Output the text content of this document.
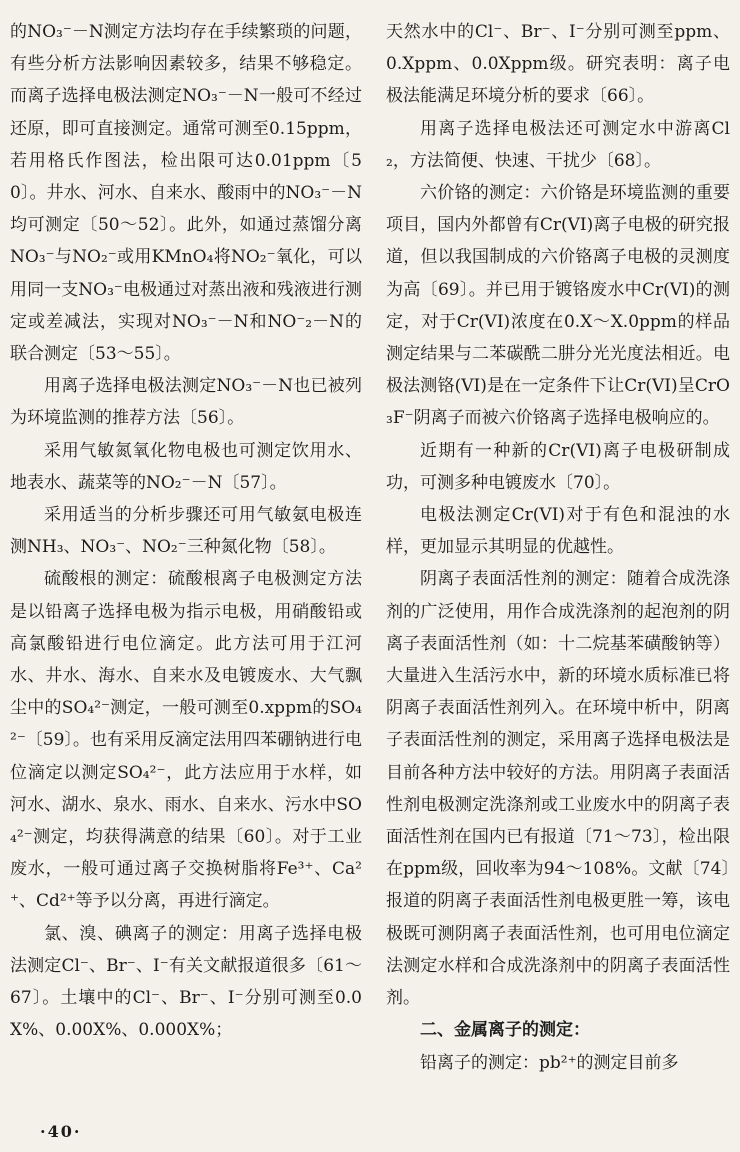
的NO₃⁻－N测定方法均存在手续繁琐的问题，有些分析方法影响因素较多，结果不够稳定。而离子选择电极法测定NO₃⁻－N一般可不经过还原，即可直接测定。通常可测至0.15ppm，若用格氏作图法，检出限可达0.01ppm〔50〕。井水、河水、自来水、酸雨中的NO₃⁻－N均可测定〔50～52〕。此外，如通过蒸馏分离NO₃⁻与NO₂⁻或用KMnO₄将NO₂⁻氧化，可以用同一支NO₃⁻电极通过对蒸出液和残液进行测定或差减法，实现对NO₃⁻－N和NO⁻₂－N的联合测定〔53～55〕。

用离子选择电极法测定NO₃⁻－N也已被列为环境监测的推荐方法〔56〕。

采用气敏氮氧化物电极也可测定饮用水、地表水、蔬菜等的NO₂⁻－N〔57〕。

采用适当的分析步骤还可用气敏氨电极连测NH₃、NO₃⁻、NO₂⁻三种氮化物〔58〕。

硫酸根的测定：硫酸根离子电极测定方法是以铅离子选择电极为指示电极，用硝酸铅或高氯酸铅进行电位滴定。此方法可用于江河水、井水、海水、自来水及电镀废水、大气飘尘中的SO₄²⁻测定，一般可测至0.xppm的SO₄²⁻〔59〕。也有采用反滴定法用四苯硼钠进行电位滴定以测定SO₄²⁻，此方法应用于水样，如河水、湖水、泉水、雨水、自来水、污水中SO₄²⁻测定，均获得满意的结果〔60〕。对于工业废水，一般可通过离子交换树脂将Fe³⁺、Ca²⁺、Cd²⁺等予以分离，再进行滴定。

氯、溴、碘离子的测定：用离子选择电极法测定Cl⁻、Br⁻、I⁻有关文献报道很多〔61～67〕。土壤中的Cl⁻、Br⁻、I⁻分别可测至0.0X%、0.00X%、0.000X%；

天然水中的Cl⁻、Br⁻、I⁻分别可测至ppm、0.Xppm、0.0Xppm级。研究表明：离子电极法能满足环境分析的要求〔66〕。

用离子选择电极法还可测定水中游离Cl₂，方法简便、快速、干扰少〔68〕。

六价铬的测定：六价铬是环境监测的重要项目，国内外都曾有Cr(VI)离子电极的研究报道，但以我国制成的六价铬离子电极的灵测度为高〔69〕。并已用于镀铬废水中Cr(VI)的测定，对于Cr(VI)浓度在0.X～X.0ppm的样品测定结果与二苯碳酰二肼分光光度法相近。电极法测铬(VI)是在一定条件下让Cr(VI)呈CrO₃F⁻阴离子而被六价铬离子选择电极响应的。

近期有一种新的Cr(VI)离子电极研制成功，可测多种电镀废水〔70〕。

电极法测定Cr(VI)对于有色和混浊的水样，更加显示其明显的优越性。

阴离子表面活性剂的测定：随着合成洗涤剂的广泛使用，用作合成洗涤剂的起泡剂的阴离子表面活性剂（如：十二烷基苯磺酸钠等）大量进入生活污水中，新的环境水质标准已将阴离子表面活性剂列入。在环境中析中，阴离子表面活性剂的测定，采用离子选择电极法是目前各种方法中较好的方法。用阴离子表面活性剂电极测定洗涤剂或工业废水中的阴离子表面活性剂在国内已有报道〔71～73〕，检出限在ppm级，回收率为94～108%。文献〔74〕报道的阴离子表面活性剂电极更胜一筹，该电极既可测阴离子表面活性剂，也可用电位滴定法测定水样和合成洗涤剂中的阴离子表面活性剂。

二、金属离子的测定：

铅离子的测定：pb²⁺的测定目前多

·40·
